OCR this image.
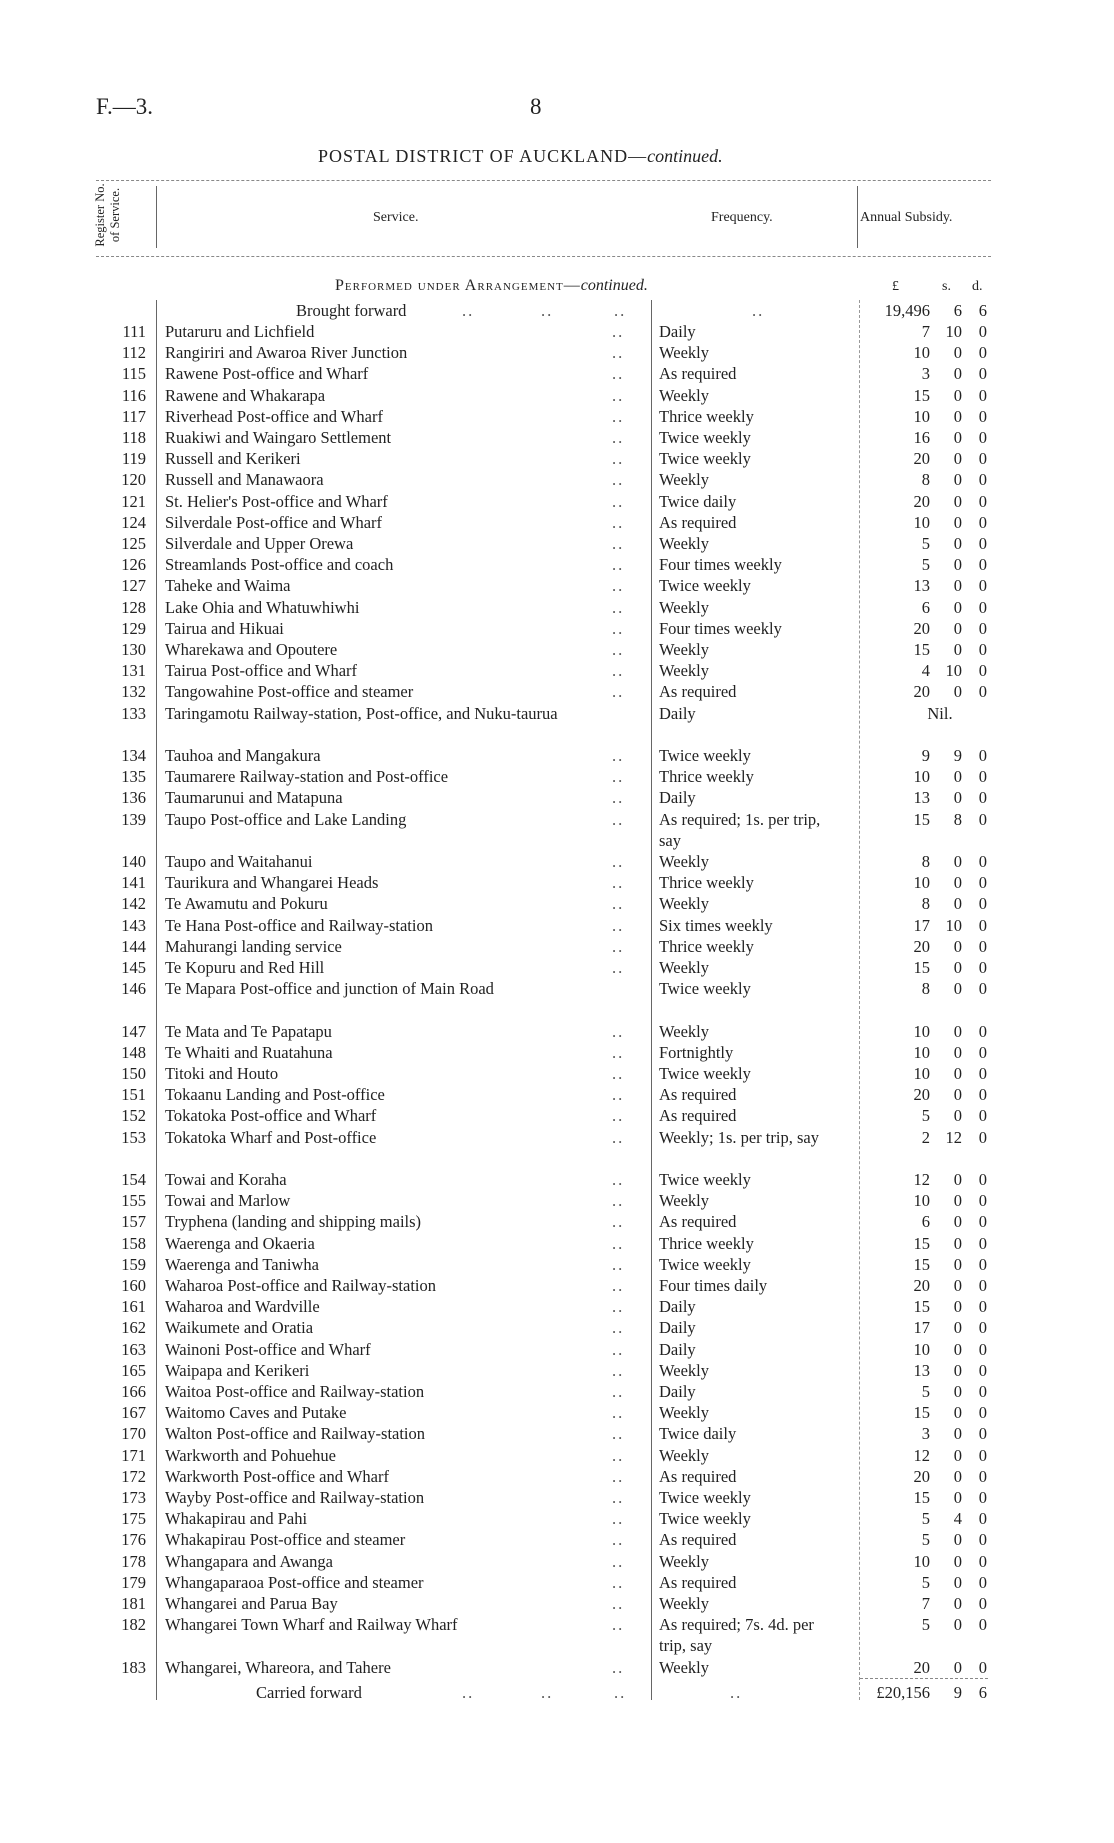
F.—3.	8
POSTAL DISTRICT OF AUCKLAND—continued.
Register No. of Service.	Service.	Frequency.	Annual Subsidy.
Performed under Arrangement—continued.	£	s. d.
Brought forward	..	..	..	..	19,496	6	6
111 Putaruru and Lichfield	Daily	7 10	0
..
112 Rangiriri and Awaroa River Junction	Weekly	10	0	0
..
115 Rawene Post-office and Wharf	As required	3	0	0
..
116 Rawene and Whakarapa	Weekly	15	0	0
..
117 Riverhead Post-office and Wharf	Thrice weekly	10	0	0
..
118 Ruakiwi and Waingaro Settlement	Twice weekly	16	0	0
..
119 Russell and Kerikeri	Twice weekly	20	0	0
..
120 Russell and Manawaora	Weekly	8	0	0
..
121 St. Helier's Post-office and Wharf	Twice daily	20	0	0
..
124 Silverdale Post-office and Wharf	As required	10	0	0
..
125 Silverdale and Upper Orewa	Weekly	5	0	0
..
126 Streamlands Post-office and coach	Four times weekly	5	0	0
..
127 Taheke and Waima	Twice weekly	13	0	0
..
128 Lake Ohia and Whatuwhiwhi	Weekly	6	0	0
..
129 Tairua and Hikuai	Four times weekly	20	0	0
..
130 Wharekawa and Opoutere	Weekly	15	0	0
..
131 Tairua Post-office and Wharf	Weekly	4 10	0
..
132 Tangowahine Post-office and steamer	As required	20	0	0
..
133 Taringamotu Railway-station, Post-office, and Nuku-taurua	Daily	Nil.
134 Tauhoa and Mangakura	Twice weekly	9	9	0
..
135 Taumarere Railway-station and Post-office	Thrice weekly	10	0	0
..
136 Taumarunui and Matapuna	Daily	13	0	0
..
139 Taupo Post-office and Lake Landing	As required; 1s. per trip, say
15	8	0
..
140 Taupo and Waitahanui	Weekly	8	0	0
..
141 Taurikura and Whangarei Heads	Thrice weekly	10	0	0
..
142 Te Awamutu and Pokuru	Weekly	8	0	0
..
143 Te Hana Post-office and Railway-station	Six times weekly	17 10	0
..
144 Mahurangi landing service	Thrice weekly	20	0	0
..
145 Te Kopuru and Red Hill	Weekly	15	0	0
..
146 Te Mapara Post-office and junction of Main Road	Twice weekly	8	0	0
147 Te Mata and Te Papatapu	Weekly	10	0	0
..
148 Te Whaiti and Ruatahuna	Fortnightly	10	0	0
..
150 Titoki and Houto	Twice weekly	10	0	0
..
151 Tokaanu Landing and Post-office	As required	20	0	0
..
152 Tokatoka Post-office and Wharf	As required	5	0	0
..
153 Tokatoka Wharf and Post-office	Weekly; 1s. per trip, say	2 12	0
..
154 Towai and Koraha	Twice weekly	12	0	0
..
155 Towai and Marlow	Weekly	10	0	0
..
157 Tryphena (landing and shipping mails)	As required	6	0	0
..
158 Waerenga and Okaeria	Thrice weekly	15	0	0
..
159 Waerenga and Taniwha	Twice weekly	15	0	0
..
160 Waharoa Post-office and Railway-station	Four times daily	20	0	0
..
161 Waharoa and Wardville	Daily	15	0	0
..
162 Waikumete and Oratia	Daily	17	0	0
..
163 Wainoni Post-office and Wharf	Daily	10	0	0
..
165 Waipapa and Kerikeri	Weekly	13	0	0
..
166 Waitoa Post-office and Railway-station	Daily	5	0	0
..
167 Waitomo Caves and Putake	Weekly	15	0	0
..
170 Walton Post-office and Railway-station	Twice daily	3	0	0
..
171 Warkworth and Pohuehue	Weekly	12	0	0
..
172 Warkworth Post-office and Wharf	As required	20	0	0
..
173 Wayby Post-office and Railway-station	Twice weekly	15	0	0
..
175 Whakapirau and Pahi	Twice weekly	5	4	0
..
176 Whakapirau Post-office and steamer	As required	5	0	0
..
178 Whangapara and Awanga	Weekly	10	0	0
..
179 Whangaparaoa Post-office and steamer	As required	5	0	0
..
181 Whangarei and Parua Bay	Weekly	7	0	0
..
182 Whangarei Town Wharf and Railway Wharf	As required; 7s. 4d. per trip, say
5	0	0
..
183 Whangarei, Whareora, and Tahere	Weekly	20	0	0
..
Carried forward	..	..	..	..	£20,156	9	6
